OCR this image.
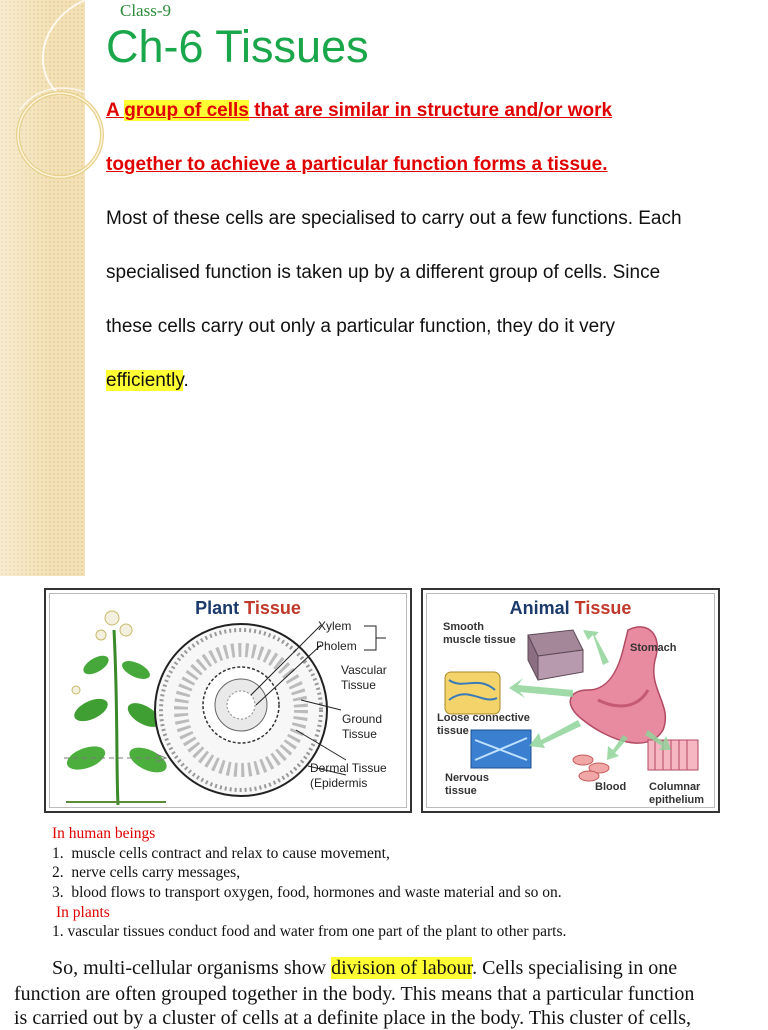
Class-9
Ch-6 Tissues
A group of cells that are similar in structure and/or work
together to achieve a particular function forms a tissue.
Most of these cells are specialised to carry out a few functions. Each
specialised function is taken up by a different group of cells. Since
these cells carry out only a particular function, they do it very
efficiently.
Plant Tissue
Xylem
Pholem
Vascular Tissue
Ground Tissue
Dermal Tissue (Epidermis
Animal Tissue
Smooth muscle tissue
Stomach
Loose connective tissue
Nervous tissue	Blood Columnar epithelium
In human beings
1.  muscle cells contract and relax to cause movement,
2.  nerve cells carry messages,
3.  blood flows to transport oxygen, food, hormones and waste material and so on.
In plants
1. vascular tissues conduct food and water from one part of the plant to other parts.
So, multi-cellular organisms show division of labour. Cells specialising in one
function are often grouped together in the body. This means that a particular function
is carried out by a cluster of cells at a definite place in the body. This cluster of cells,
